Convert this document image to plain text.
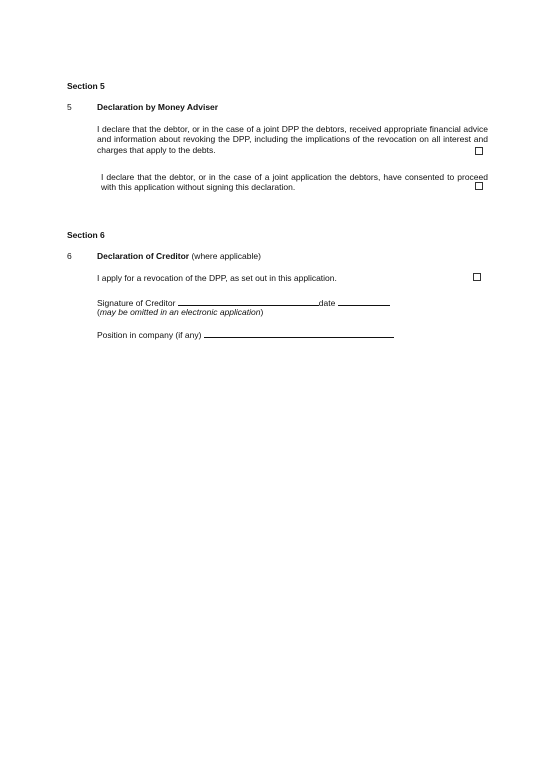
Section 5
5	Declaration by Money Adviser
I declare that the debtor, or in the case of a joint DPP the debtors, received appropriate financial advice and information about revoking the DPP, including the implications of the revocation on all interest and charges that apply to the debts.
I declare that the debtor, or in the case of a joint application the debtors, have consented to proceed with this application without signing this declaration.
Section 6
6	Declaration of Creditor (where applicable)
I apply for a revocation of the DPP, as set out in this application.
Signature of Creditor	date
(may be omitted in an electronic application)
Position in company (if any)
